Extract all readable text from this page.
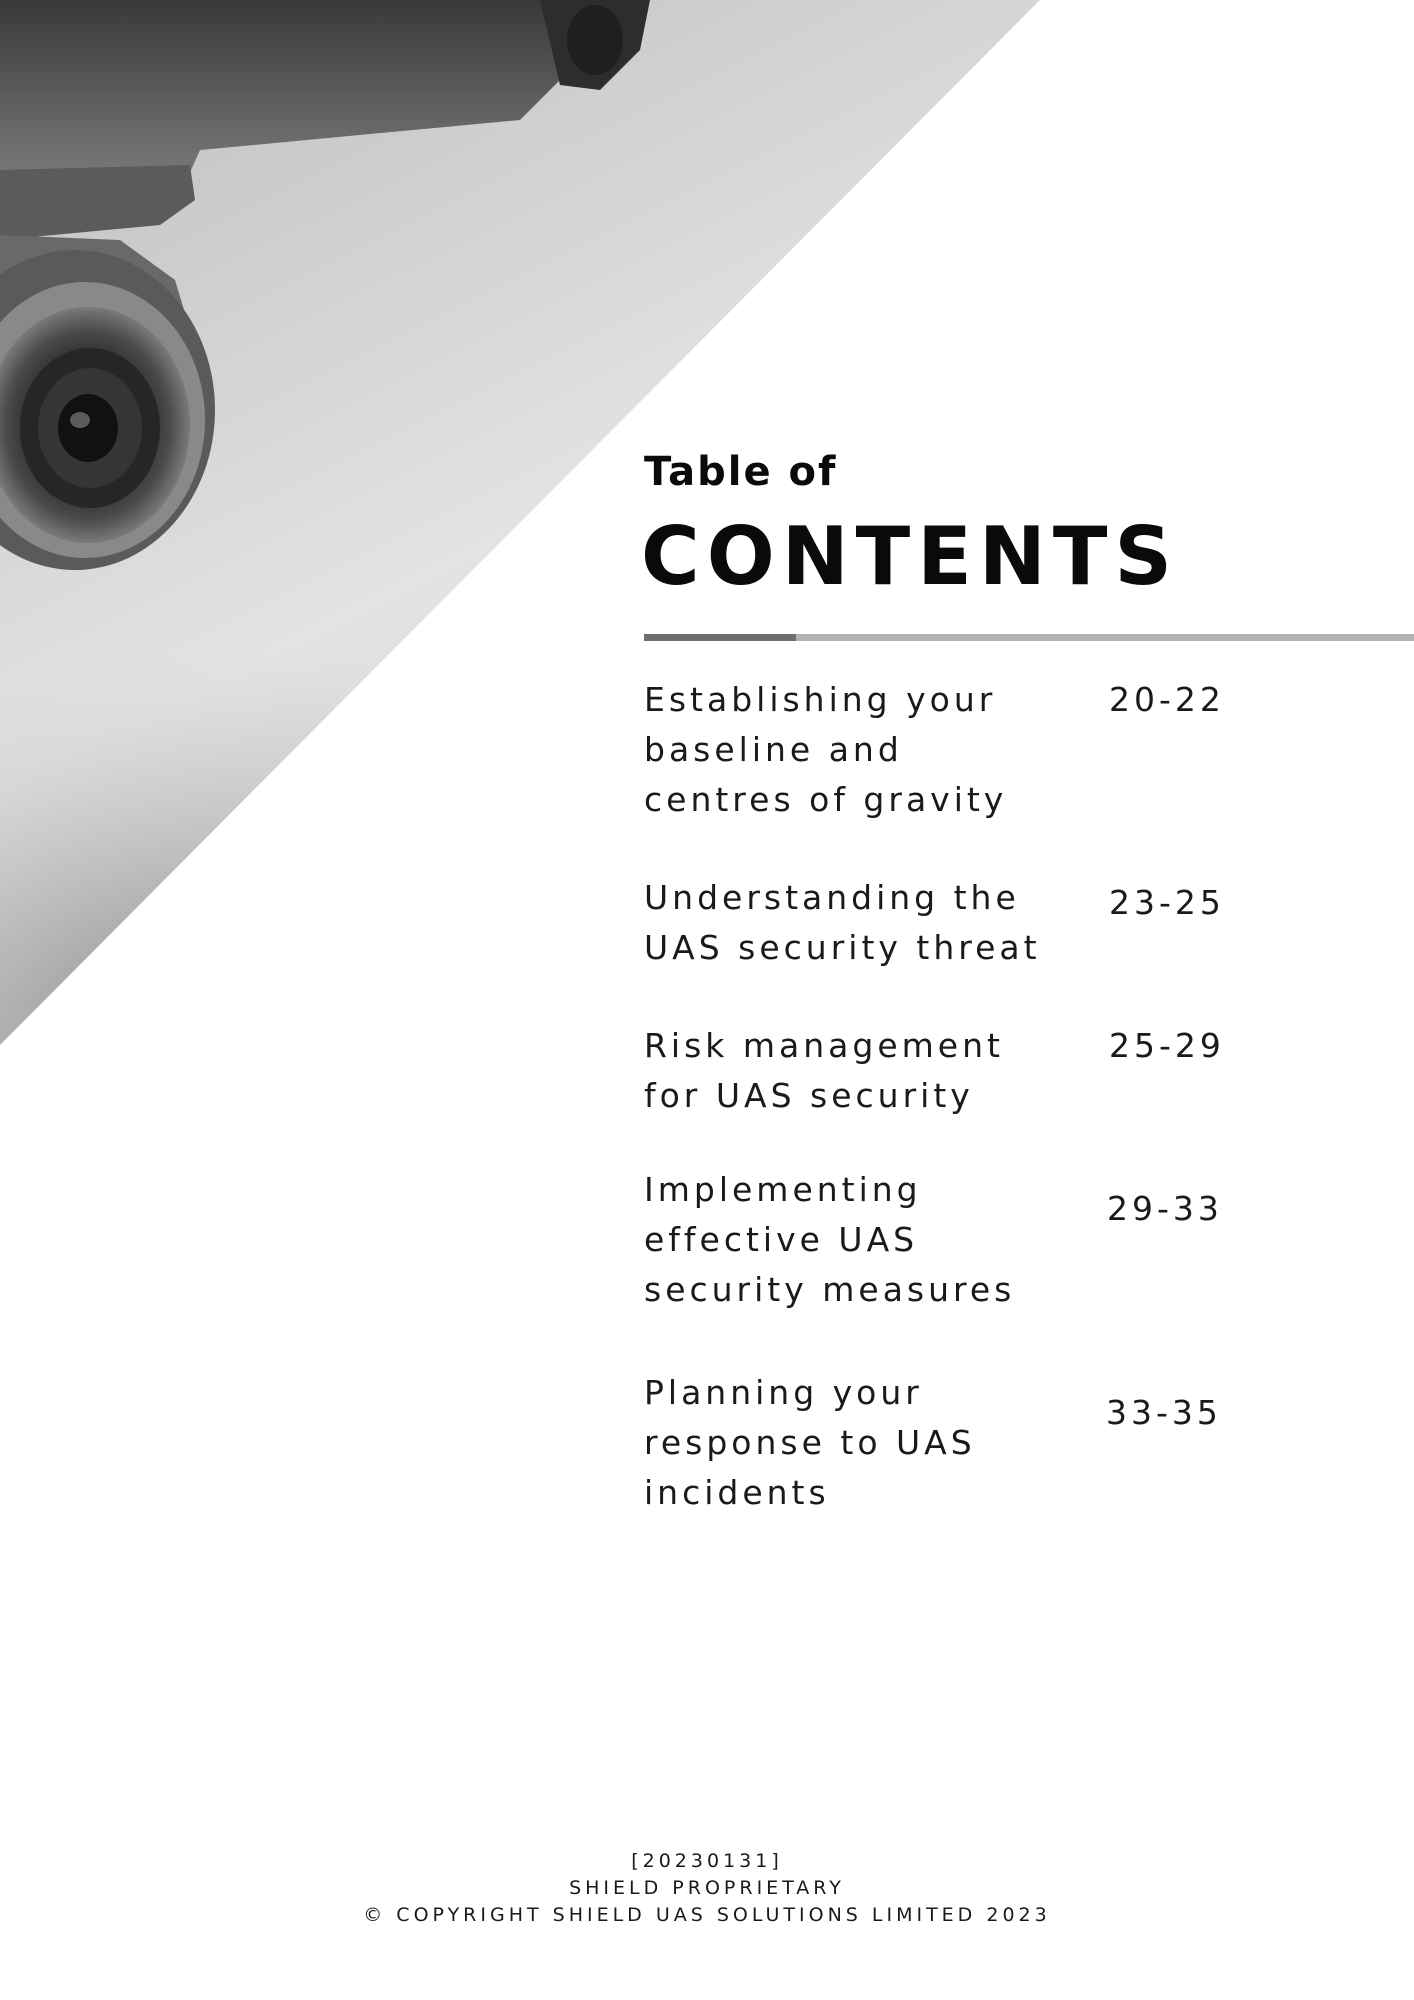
Table of
CONTENTS
Establishing your
baseline and
centres of gravity
20-22
Understanding the
UAS security threat
23-25
Risk management
for UAS security
25-29
Implementing
effective UAS
security measures
29-33
Planning your
response to UAS
incidents
33-35
[20230131]
SHIELD PROPRIETARY
© COPYRIGHT SHIELD UAS SOLUTIONS LIMITED 2023
